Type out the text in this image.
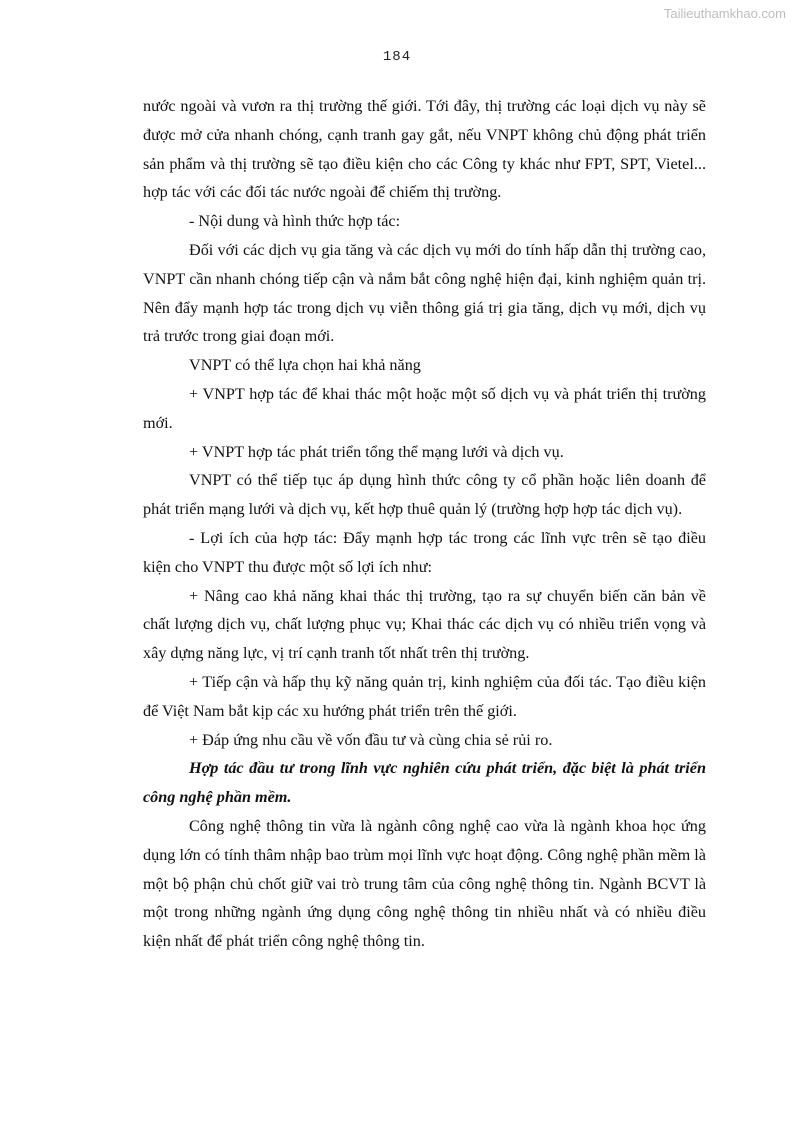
Tailieuthamkhao.com
184

nước ngoài và vươn ra thị trường thế giới. Tới đây, thị trường các loại dịch vụ này sẽ được mở cửa nhanh chóng, cạnh tranh gay gắt, nếu VNPT không chủ động phát triển sản phẩm và thị trường sẽ tạo điều kiện cho các Công ty khác như FPT, SPT, Vietel... hợp tác với các đối tác nước ngoài để chiếm thị trường.

- Nội dung và hình thức hợp tác:

Đối với các dịch vụ gia tăng và các dịch vụ mới do tính hấp dẫn thị trường cao, VNPT cần nhanh chóng tiếp cận và nắm bắt công nghệ hiện đại, kinh nghiệm quản trị. Nên đẩy mạnh hợp tác trong dịch vụ viễn thông giá trị gia tăng, dịch vụ mới, dịch vụ trả trước trong giai đoạn mới.

VNPT có thể lựa chọn hai khả năng

+ VNPT hợp tác để khai thác một hoặc một số dịch vụ và phát triển thị trường mới.

+ VNPT hợp tác phát triển tổng thể mạng lưới và dịch vụ.

VNPT có thể tiếp tục áp dụng hình thức công ty cổ phần hoặc liên doanh để phát triển mạng lưới và dịch vụ, kết hợp thuê quản lý (trường hợp hợp tác dịch vụ).

- Lợi ích của hợp tác: Đẩy mạnh hợp tác trong các lĩnh vực trên sẽ tạo điều kiện cho VNPT thu được một số lợi ích như:

+ Nâng cao khả năng khai thác thị trường, tạo ra sự chuyển biến căn bản về chất lượng dịch vụ, chất lượng phục vụ; Khai thác các dịch vụ có nhiều triển vọng và xây dựng năng lực, vị trí cạnh tranh tốt nhất trên thị trường.

+ Tiếp cận và hấp thụ kỹ năng quản trị, kinh nghiệm của đối tác. Tạo điều kiện để Việt Nam bắt kịp các xu hướng phát triển trên thế giới.

+ Đáp ứng nhu cầu về vốn đầu tư và cùng chia sẻ rủi ro.

Hợp tác đầu tư trong lĩnh vực nghiên cứu phát triển, đặc biệt là phát triển công nghệ phần mềm.

Công nghệ thông tin vừa là ngành công nghệ cao vừa là ngành khoa học ứng dụng lớn có tính thâm nhập bao trùm mọi lĩnh vực hoạt động. Công nghệ phần mềm là một bộ phận chủ chốt giữ vai trò trung tâm của công nghệ thông tin. Ngành BCVT là một trong những ngành ứng dụng công nghệ thông tin nhiều nhất và có nhiều điều kiện nhất để phát triển công nghệ thông tin.
